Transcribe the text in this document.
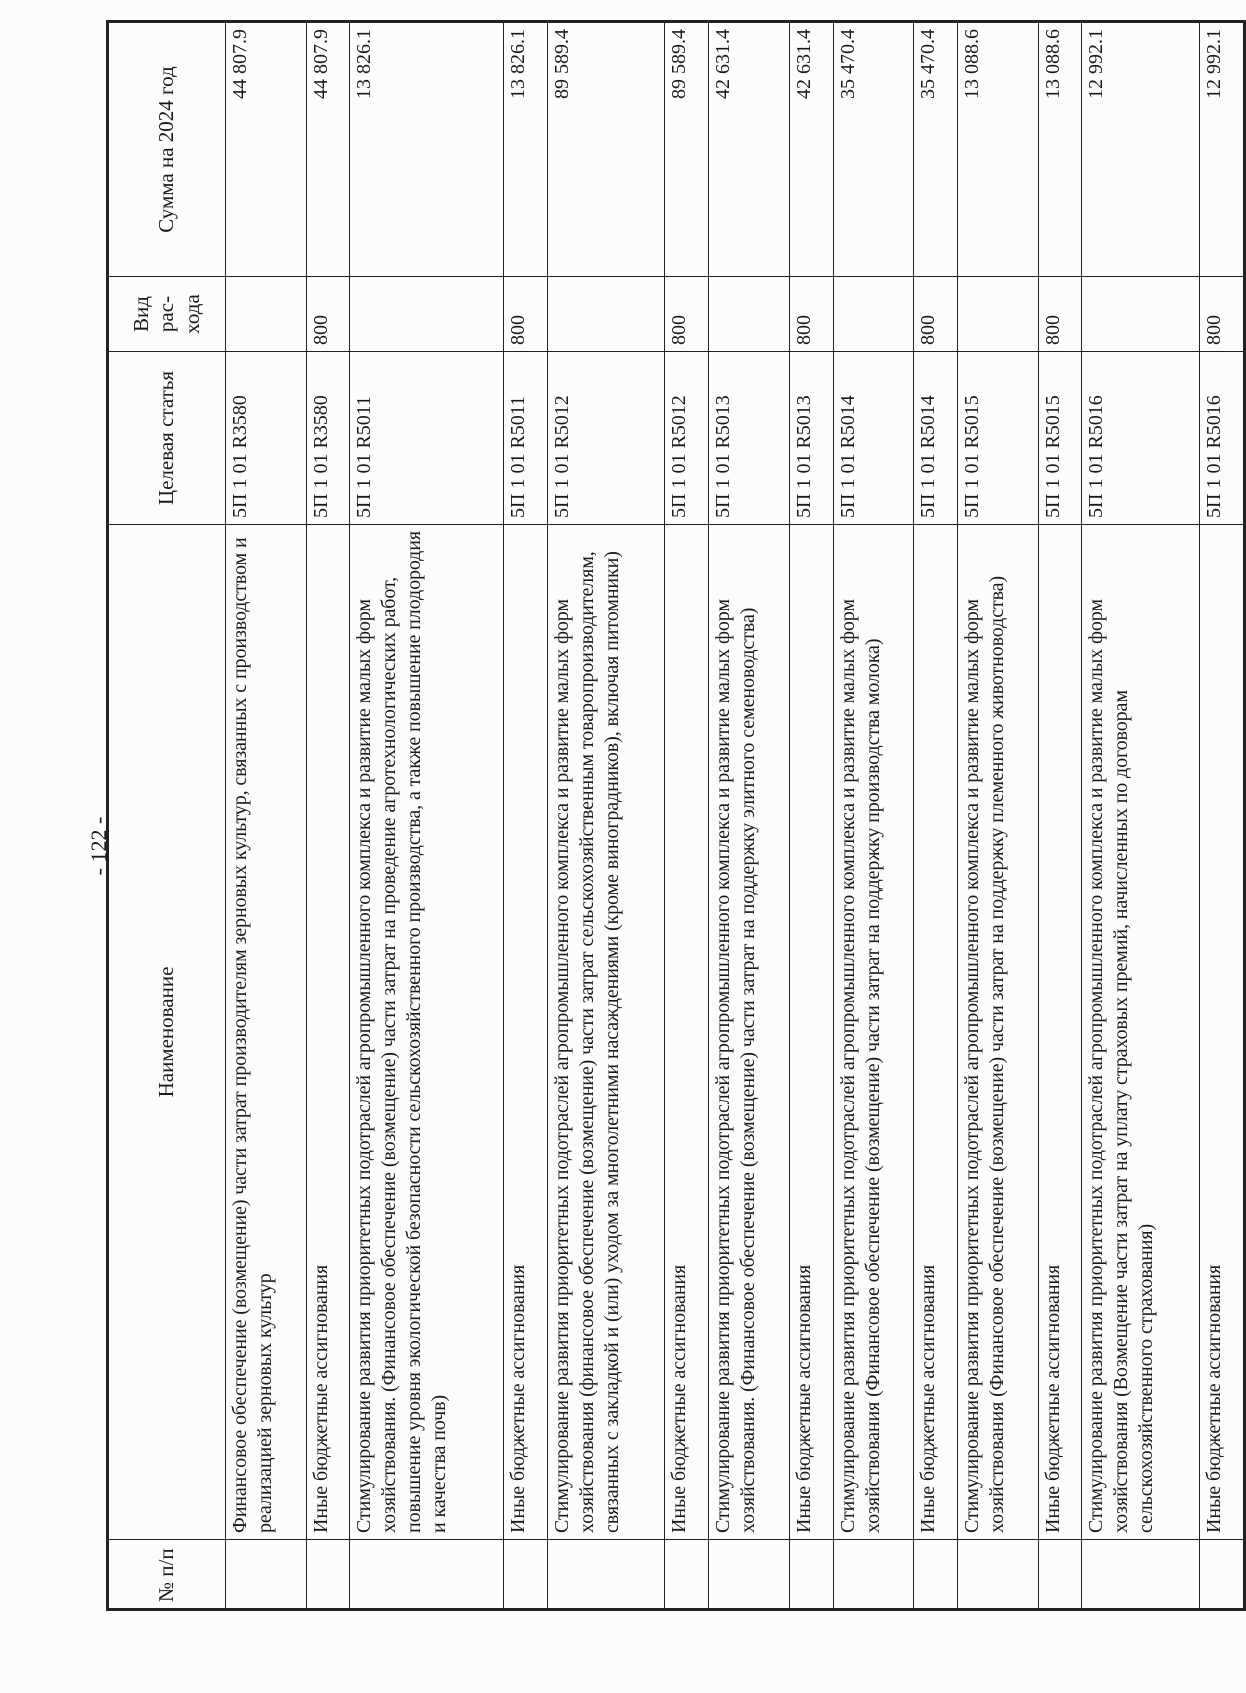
- 122 -
№ п/п	Наименование	Целевая статья	Вид рас- хода	Сумма на 2024 год
	Финансовое обеспечение (возмещение) части затрат производителям зерновых культур, связанных с производством и реализацией зерновых культур	5П 1 01 R3580		44 807.9
	Иные бюджетные ассигнования	5П 1 01 R3580	800	44 807.9
	Стимулирование развития приоритетных подотраслей агропромышленного комплекса и развитие малых форм хозяйствования. (Финансовое обеспечение (возмещение) части затрат на проведение агротехнологических работ, повышение уровня экологической безопасности сельскохозяйственного производства, а также повышение плодородия и качества почв)	5П 1 01 R5011		13 826.1
	Иные бюджетные ассигнования	5П 1 01 R5011	800	13 826.1
	Стимулирование развития приоритетных подотраслей агропромышленного комплекса и развитие малых форм хозяйствования (финансовое обеспечение (возмещение) части затрат сельскохозяйственным товаропроизводителям, связанных с закладкой и (или) уходом за многолетними насаждениями (кроме виноградников), включая питомники)	5П 1 01 R5012		89 589.4
	Иные бюджетные ассигнования	5П 1 01 R5012	800	89 589.4
	Стимулирование развития приоритетных подотраслей агропромышленного комплекса и развитие малых форм хозяйствования. (Финансовое обеспечение (возмещение) части затрат на поддержку элитного семеноводства)	5П 1 01 R5013		42 631.4
	Иные бюджетные ассигнования	5П 1 01 R5013	800	42 631.4
	Стимулирование развития приоритетных подотраслей агропромышленного комплекса и развитие малых форм хозяйствования (Финансовое обеспечение (возмещение) части затрат на поддержку производства молока)	5П 1 01 R5014		35 470.4
	Иные бюджетные ассигнования	5П 1 01 R5014	800	35 470.4
	Стимулирование развития приоритетных подотраслей агропромышленного комплекса и развитие малых форм хозяйствования (Финансовое обеспечение (возмещение) части затрат на поддержку племенного животноводства)	5П 1 01 R5015		13 088.6
	Иные бюджетные ассигнования	5П 1 01 R5015	800	13 088.6
	Стимулирование развития приоритетных подотраслей агропромышленного комплекса и развитие малых форм хозяйствования (Возмещение части затрат на уплату страховых премий, начисленных по договорам сельскохозяйственного страхования)	5П 1 01 R5016		12 992.1
	Иные бюджетные ассигнования	5П 1 01 R5016	800	12 992.1
